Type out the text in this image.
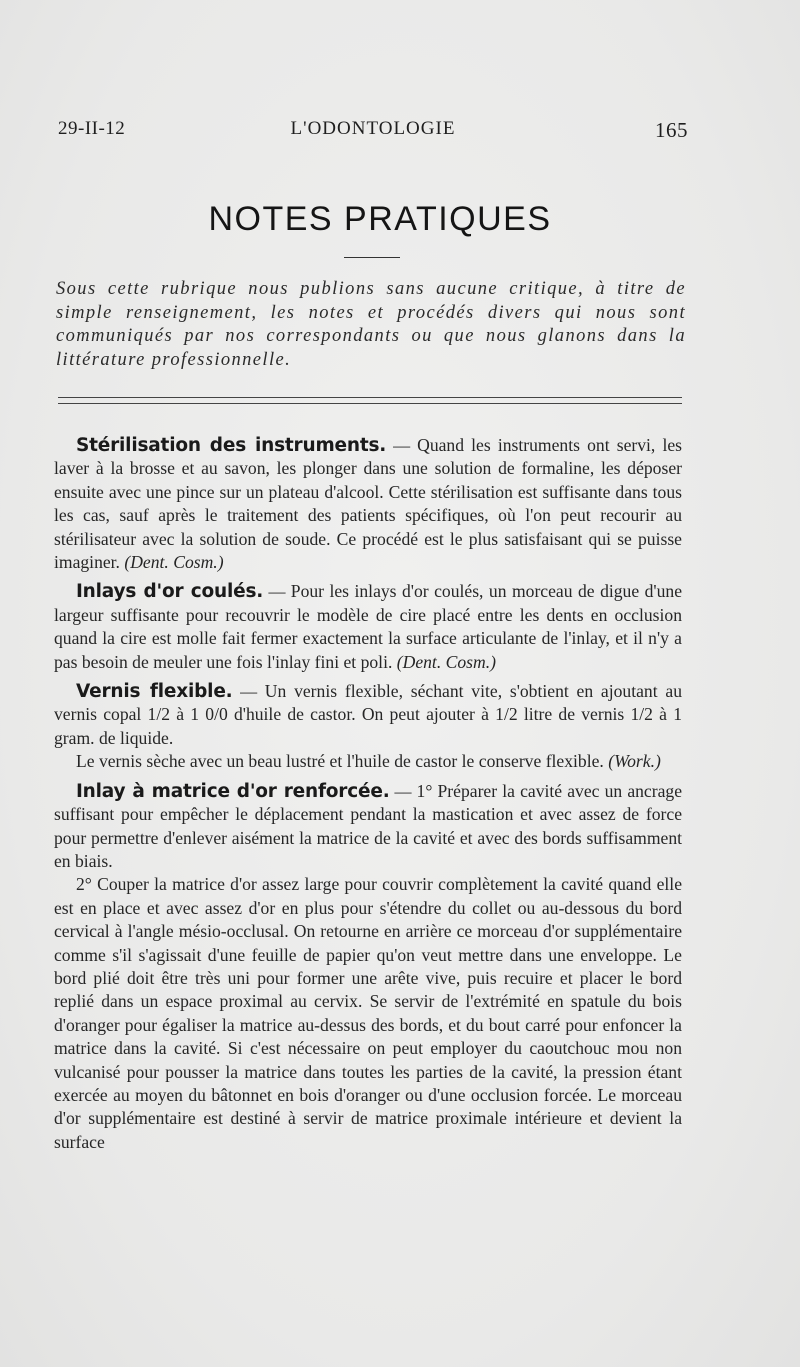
29-II-12	L'ODONTOLOGIE	165
NOTES PRATIQUES
Sous cette rubrique nous publions sans aucune critique, à titre de simple renseignement, les notes et procédés divers qui nous sont communiqués par nos correspondants ou que nous glanons dans la littérature professionnelle.

Stérilisation des instruments. — Quand les instruments ont servi, les laver à la brosse et au savon, les plonger dans une solution de formaline, les déposer ensuite avec une pince sur un plateau d'alcool. Cette stérilisation est suffisante dans tous les cas, sauf après le traitement des patients spécifiques, où l'on peut recourir au stérilisateur avec la solution de soude. Ce procédé est le plus satisfaisant qui se puisse imaginer. (Dent. Cosm.)

Inlays d'or coulés. — Pour les inlays d'or coulés, un morceau de digue d'une largeur suffisante pour recouvrir le modèle de cire placé entre les dents en occlusion quand la cire est molle fait fermer exactement la surface articulante de l'inlay, et il n'y a pas besoin de meuler une fois l'inlay fini et poli. (Dent. Cosm.)

Vernis flexible. — Un vernis flexible, séchant vite, s'obtient en ajoutant au vernis copal 1/2 à 1 0/0 d'huile de castor. On peut ajouter à 1/2 litre de vernis 1/2 à 1 gram. de liquide.

Le vernis sèche avec un beau lustré et l'huile de castor le conserve flexible. (Work.)

Inlay à matrice d'or renforcée. — 1° Préparer la cavité avec un ancrage suffisant pour empêcher le déplacement pendant la mastication et avec assez de force pour permettre d'enlever aisément la matrice de la cavité et avec des bords suffisamment en biais.

2° Couper la matrice d'or assez large pour couvrir complètement la cavité quand elle est en place et avec assez d'or en plus pour s'étendre du collet ou au-dessous du bord cervical à l'angle mésio-occlusal. On retourne en arrière ce morceau d'or supplémentaire comme s'il s'agissait d'une feuille de papier qu'on veut mettre dans une enveloppe. Le bord plié doit être très uni pour former une arête vive, puis recuire et placer le bord replié dans un espace proximal au cervix. Se servir de l'extrémité en spatule du bois d'oranger pour égaliser la matrice au-dessus des bords, et du bout carré pour enfoncer la matrice dans la cavité. Si c'est nécessaire on peut employer du caoutchouc mou non vulcanisé pour pousser la matrice dans toutes les parties de la cavité, la pression étant exercée au moyen du bâtonnet en bois d'oranger ou d'une occlusion forcée. Le morceau d'or supplémentaire est destiné à servir de matrice proximale intérieure et devient la surface
